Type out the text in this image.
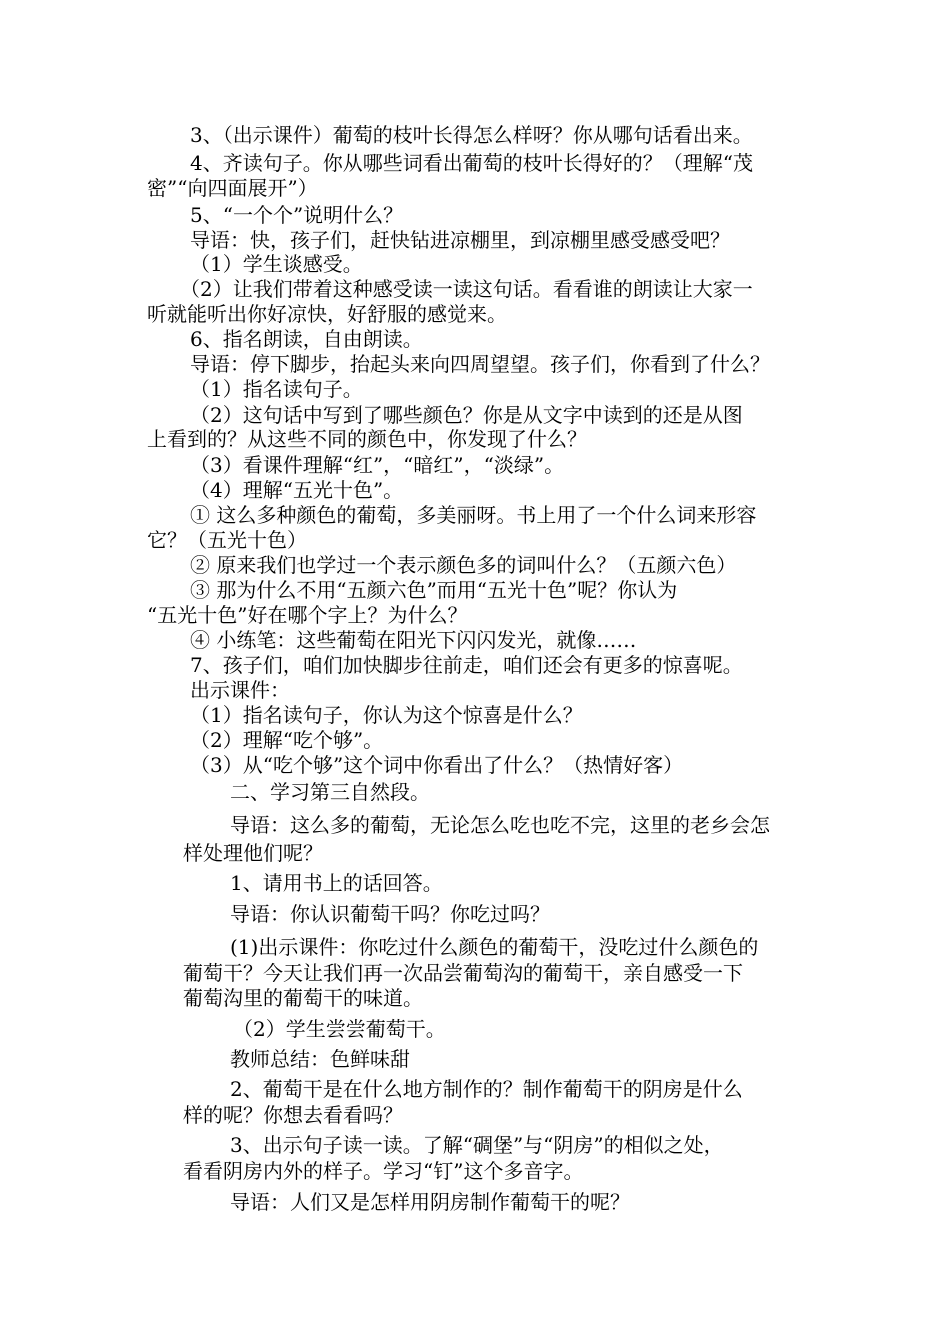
3、（出示课件）葡萄的枝叶长得怎么样呀？你从哪句话看出来。
4、齐读句子。你从哪些词看出葡萄的枝叶长得好的？（理解“茂
密”“向四面展开”）
5、“一个个”说明什么？
导语：快，孩子们，赶快钻进凉棚里，到凉棚里感受感受吧？
（1）学生谈感受。
（2）让我们带着这种感受读一读这句话。看看谁的朗读让大家一
听就能听出你好凉快，好舒服的感觉来。
6、指名朗读，自由朗读。
导语：停下脚步，抬起头来向四周望望。孩子们，你看到了什么？
（1）指名读句子。
（2）这句话中写到了哪些颜色？你是从文字中读到的还是从图
上看到的？从这些不同的颜色中，你发现了什么？
（3）看课件理解“红”，“暗红”，“淡绿”。
（4）理解“五光十色”。
① 这么多种颜色的葡萄，多美丽呀。书上用了一个什么词来形容
它？（五光十色）
② 原来我们也学过一个表示颜色多的词叫什么？（五颜六色）
③ 那为什么不用“五颜六色”而用“五光十色”呢？你认为
“五光十色”好在哪个字上？为什么？
④ 小练笔：这些葡萄在阳光下闪闪发光，就像……
7、孩子们，咱们加快脚步往前走，咱们还会有更多的惊喜呢。
出示课件：
（1）指名读句子，你认为这个惊喜是什么？
（2）理解“吃个够”。
（3）从“吃个够”这个词中你看出了什么？（热情好客）
二、学习第三自然段。
导语：这么多的葡萄，无论怎么吃也吃不完，这里的老乡会怎
样处理他们呢？
1、请用书上的话回答。
导语：你认识葡萄干吗？你吃过吗？
(1)出示课件：你吃过什么颜色的葡萄干，没吃过什么颜色的
葡萄干？今天让我们再一次品尝葡萄沟的葡萄干，亲自感受一下
葡萄沟里的葡萄干的味道。
（2）学生尝尝葡萄干。
教师总结：色鲜味甜
2、葡萄干是在什么地方制作的？制作葡萄干的阴房是什么
样的呢？你想去看看吗？
3、出示句子读一读。了解“碉堡”与“阴房”的相似之处，
看看阴房内外的样子。学习“钉”这个多音字。
导语：人们又是怎样用阴房制作葡萄干的呢？
